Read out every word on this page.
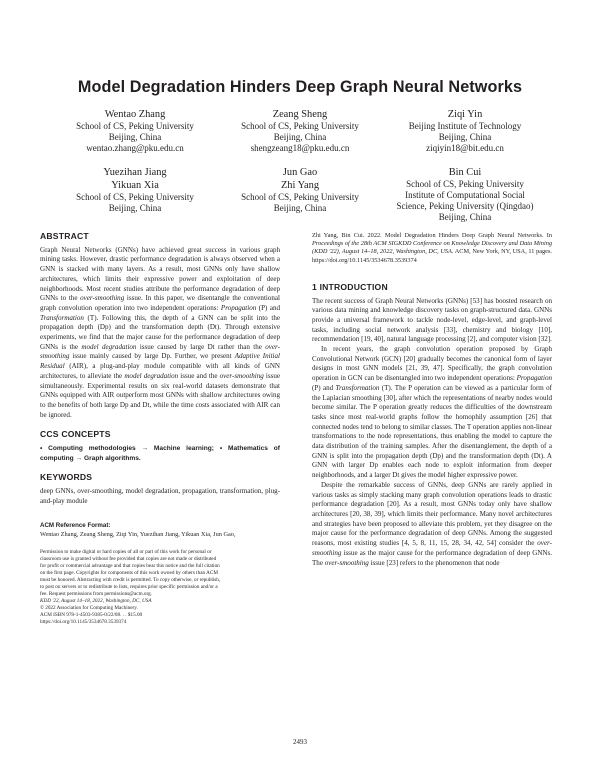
Model Degradation Hinders Deep Graph Neural Networks
Wentao Zhang
School of CS, Peking University
Beijing, China
wentao.zhang@pku.edu.cn
Zeang Sheng
School of CS, Peking University
Beijing, China
shengzeang18@pku.edu.cn
Ziqi Yin
Beijing Institute of Technology
Beijing, China
ziqiyin18@bit.edu.cn
Yuezihan Jiang
Yikuan Xia
School of CS, Peking University
Beijing, China
Jun Gao
Zhi Yang
School of CS, Peking University
Beijing, China
Bin Cui
School of CS, Peking University
Institute of Computational Social
Science, Peking University (Qingdao)
Beijing, China
ABSTRACT

Graph Neural Networks (GNNs) have achieved great success in various graph mining tasks. However, drastic performance degradation is always observed when a GNN is stacked with many layers. As a result, most GNNs only have shallow architectures, which limits their expressive power and exploitation of deep neighborhoods. Most recent studies attribute the performance degradation of deep GNNs to the over-smoothing issue. In this paper, we disentangle the conventional graph convolution operation into two independent operations: Propagation (P) and Transformation (T). Following this, the depth of a GNN can be split into the propagation depth (Dp) and the transformation depth (Dt). Through extensive experiments, we find that the major cause for the performance degradation of deep GNNs is the model degradation issue caused by large Dt rather than the over-smoothing issue mainly caused by large Dp. Further, we present Adaptive Initial Residual (AIR), a plug-and-play module compatible with all kinds of GNN architectures, to alleviate the model degradation issue and the over-smoothing issue simultaneously. Experimental results on six real-world datasets demonstrate that GNNs equipped with AIR outperform most GNNs with shallow architectures owing to the benefits of both large Dp and Dt, while the time costs associated with AIR can be ignored.

CCS CONCEPTS

• Computing methodologies → Machine learning; • Mathematics of computing → Graph algorithms.

KEYWORDS

deep GNNs, over-smoothing, model degradation, propagation, transformation, plug-and-play module

ACM Reference Format:

Wentao Zhang, Zeang Sheng, Ziqi Yin, Yuezihan Jiang, Yikuan Xia, Jun Gao,

Permission to make digital or hard copies of all or part of this work for personal or
classroom use is granted without fee provided that copies are not made or distributed
for profit or commercial advantage and that copies bear this notice and the full citation
on the first page. Copyrights for components of this work owned by others than ACM
must be honored. Abstracting with credit is permitted. To copy otherwise, or republish,
to post on servers or to redistribute to lists, requires prior specific permission and/or a
fee. Request permissions from permissions@acm.org.
KDD '22, August 14–18, 2022, Washington, DC, USA
© 2022 Association for Computing Machinery.
ACM ISBN 978-1-4503-9385-0/22/08. . . $15.00
https://doi.org/10.1145/3534678.3539374

Zhi Yang, Bin Cui. 2022. Model Degradation Hinders Deep Graph Neural Networks. In Proceedings of the 28th ACM SIGKDD Conference on Knowledge Discovery and Data Mining (KDD '22), August 14–18, 2022, Washington, DC, USA. ACM, New York, NY, USA, 11 pages. https://doi.org/10.1145/3534678.3539374

1 INTRODUCTION

The recent success of Graph Neural Networks (GNNs) [53] has boosted research on various data mining and knowledge discovery tasks on graph-structured data. GNNs provide a universal framework to tackle node-level, edge-level, and graph-level tasks, including social network analysis [33], chemistry and biology [10], recommendation [19, 40], natural language processing [2], and computer vision [32].

In recent years, the graph convolution operation proposed by Graph Convolutional Network (GCN) [20] gradually becomes the canonical form of layer designs in most GNN models [21, 39, 47]. Specifically, the graph convolution operation in GCN can be disentangled into two independent operations: Propagation (P) and Transformation (T). The P operation can be viewed as a particular form of the Laplacian smoothing [30], after which the representations of nearby nodes would become similar. The P operation greatly reduces the difficulties of the downstream tasks since most real-world graphs follow the homophily assumption [26] that connected nodes tend to belong to similar classes. The T operation applies non-linear transformations to the node representations, thus enabling the model to capture the data distribution of the training samples. After the disentanglement, the depth of a GNN is split into the propagation depth (Dp) and the transformation depth (Dt). A GNN with larger Dp enables each node to exploit information from deeper neighborhoods, and a larger Dt gives the model higher expressive power.

Despite the remarkable success of GNNs, deep GNNs are rarely applied in various tasks as simply stacking many graph convolution operations leads to drastic performance degradation [20]. As a result, most GNNs today only have shallow architectures [20, 38, 39], which limits their performance. Many novel architectures and strategies have been proposed to alleviate this problem, yet they disagree on the major cause for the performance degradation of deep GNNs. Among the suggested reasons, most existing studies [4, 5, 8, 11, 15, 28, 34, 42, 54] consider the over-smoothing issue as the major cause for the performance degradation of deep GNNs. The over-smoothing issue [23] refers to the phenomenon that node

2493
